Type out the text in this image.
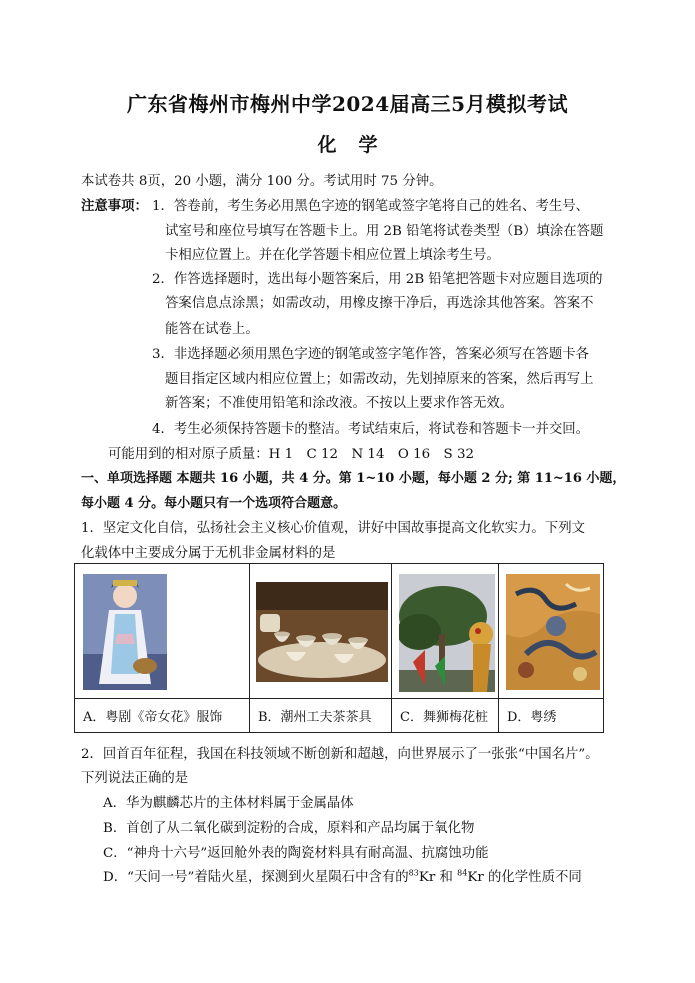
广东省梅州市梅州中学2024届高三5月模拟考试
化学
本试卷共 8页，20 小题，满分 100 分。考试用时 75 分钟。
注意事项： 1．答卷前，考生务必用黑色字迹的钢笔或签字笔将自己的姓名、考生号、
试室号和座位号填写在答题卡上。用 2B 铅笔将试卷类型（B）填涂在答题
卡相应位置上。并在化学答题卡相应位置上填涂考生号。
2．作答选择题时，选出每小题答案后，用 2B 铅笔把答题卡对应题目选项的
答案信息点涂黑；如需改动，用橡皮擦干净后，再选涂其他答案。答案不
能答在试卷上。
3．非选择题必须用黑色字迹的钢笔或签字笔作答，答案必须写在答题卡各
题目指定区域内相应位置上；如需改动，先划掉原来的答案，然后再写上
新答案；不准使用铅笔和涂改液。不按以上要求作答无效。
4．考生必须保持答题卡的整洁。考试结束后，将试卷和答题卡一并交回。
可能用到的相对原子质量：H 1　C 12　N 14　O 16　S 32
一、单项选择题 本题共 16 小题，共 4 分。第 1~10 小题，每小题 2 分; 第 11~16 小题，
每小题 4 分。每小题只有一个选项符合题意。
1．坚定文化自信，弘扬社会主义核心价值观，讲好中国故事提高文化软实力。下列文
化载体中主要成分属于无机非金属材料的是

A．粤剧《帝女花》服饰	B．潮州工夫茶茶具	C．舞狮梅花桩	D．粤绣
2．回首百年征程，我国在科技领域不断创新和超越，向世界展示了一张张“中国名片”。
下列说法正确的是
A．华为麒麟芯片的主体材料属于金属晶体
B．首创了从二氧化碳到淀粉的合成，原料和产品均属于氧化物
C．“神舟十六号”返回舱外表的陶瓷材料具有耐高温、抗腐蚀功能
D．“天问一号”着陆火星，探测到火星陨石中含有的$^{83}$Kr 和 $^{84}$Kr 的化学性质不同
